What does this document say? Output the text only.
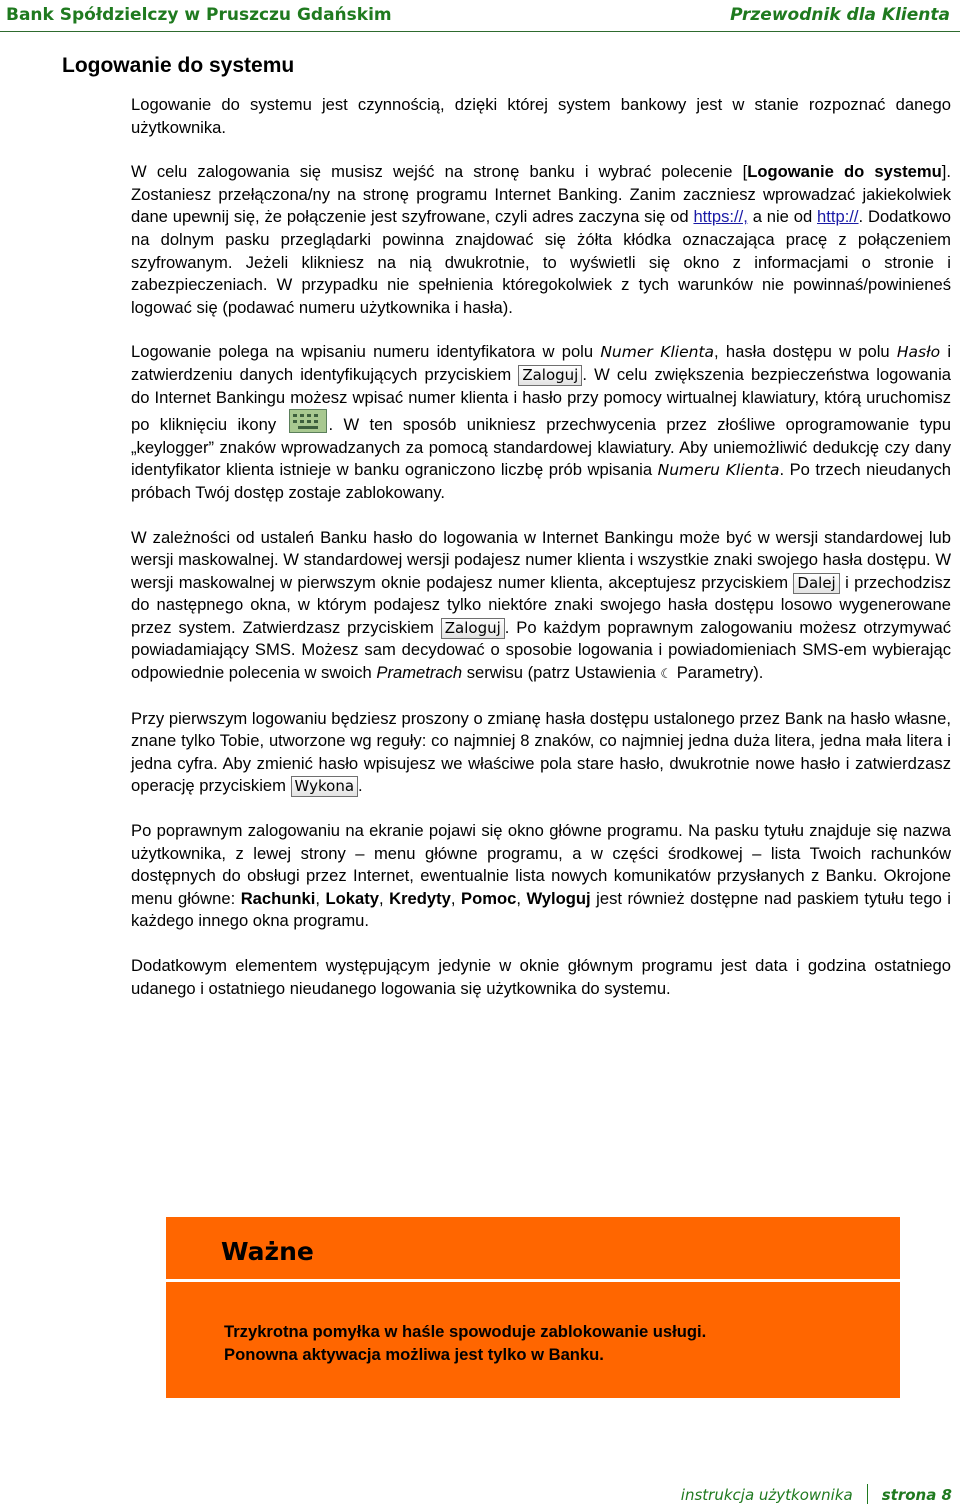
Bank Spółdzielczy w Pruszczu Gdańskim	Przewodnik dla Klienta
Logowanie do systemu

Logowanie do systemu jest czynnością, dzięki której system bankowy jest w stanie rozpoznać danego użytkownika.

W celu zalogowania się musisz wejść na stronę banku i wybrać polecenie [Logowanie do systemu]. Zostaniesz przełączona/ny na stronę programu Internet Banking. Zanim zaczniesz wprowadzać jakiekolwiek dane upewnij się, że połączenie jest szyfrowane, czyli adres zaczyna się od https://, a nie od http://. Dodatkowo na dolnym pasku przeglądarki powinna znajdować się żółta kłódka oznaczająca pracę z połączeniem szyfrowanym. Jeżeli klikniesz na nią dwukrotnie, to wyświetli się okno z informacjami o stronie i zabezpieczeniach. W przypadku nie spełnienia któregokolwiek z tych warunków nie powinnaś/powinieneś logować się (podawać numeru użytkownika i hasła).

Logowanie polega na wpisaniu numeru identyfikatora w polu Numer Klienta, hasła dostępu w polu Hasło i zatwierdzeniu danych identyfikujących przyciskiem Zaloguj . W celu zwiększenia bezpieczeństwa logowania do Internet Bankingu możesz wpisać numer klienta i hasło przy pomocy wirtualnej klawiatury, którą uruchomisz po kliknięciu ikony	. W ten sposób unikniesz przechwycenia przez złośliwe oprogramowanie typu „keylogger” znaków wprowadzanych za pomocą standardowej klawiatury. Aby uniemożliwić dedukcję czy dany identyfikator klienta istnieje w banku ograniczono liczbę prób wpisania Numeru Klienta. Po trzech nieudanych próbach Twój dostęp zostaje zablokowany.

W zależności od ustaleń Banku hasło do logowania w Internet Bankingu może być w wersji standardowej lub wersji maskowalnej. W standardowej wersji podajesz numer klienta i wszystkie znaki swojego hasła dostępu. W wersji maskowalnej w pierwszym oknie podajesz numer klienta, akceptujesz przyciskiem Dalej i przechodzisz do następnego okna, w którym podajesz tylko niektóre znaki swojego hasła dostępu losowo wygenerowane przez system. Zatwierdzasz przyciskiem Zaloguj . Po każdym poprawnym zalogowaniu możesz otrzymywać powiadamiający SMS. Możesz sam decydować o sposobie logowania i powiadomieniach SMS-em wybierając odpowiednie polecenia w swoich Prametrach serwisu (patrz Ustawienia ☾ Parametry).

Przy pierwszym logowaniu będziesz proszony o zmianę hasła dostępu ustalonego przez Bank na hasło własne, znane tylko Tobie, utworzone wg reguły: co najmniej 8 znaków, co najmniej jedna duża litera, jedna mała litera i jedna cyfra. Aby zmienić hasło wpisujesz we właściwe pola stare hasło, dwukrotnie nowe hasło i zatwierdzasz operację przyciskiem Wykona .

Po poprawnym zalogowaniu na ekranie pojawi się okno główne programu. Na pasku tytułu znajduje się nazwa użytkownika, z lewej strony – menu główne programu, a w części środkowej – lista Twoich rachunków dostępnych do obsługi przez Internet, ewentualnie lista nowych komunikatów przysłanych z Banku. Okrojone menu główne: Rachunki, Lokaty, Kredyty, Pomoc, Wyloguj jest również dostępne nad paskiem tytułu tego i każdego innego okna programu.

Dodatkowym elementem występującym jedynie w oknie głównym programu jest data i godzina ostatniego udanego i ostatniego nieudanego logowania się użytkownika do systemu.

Ważne
Trzykrotna pomyłka w haśle spowoduje zablokowanie usługi.
Ponowna aktywacja możliwa jest tylko w Banku.
instrukcja użytkownika strona 8
